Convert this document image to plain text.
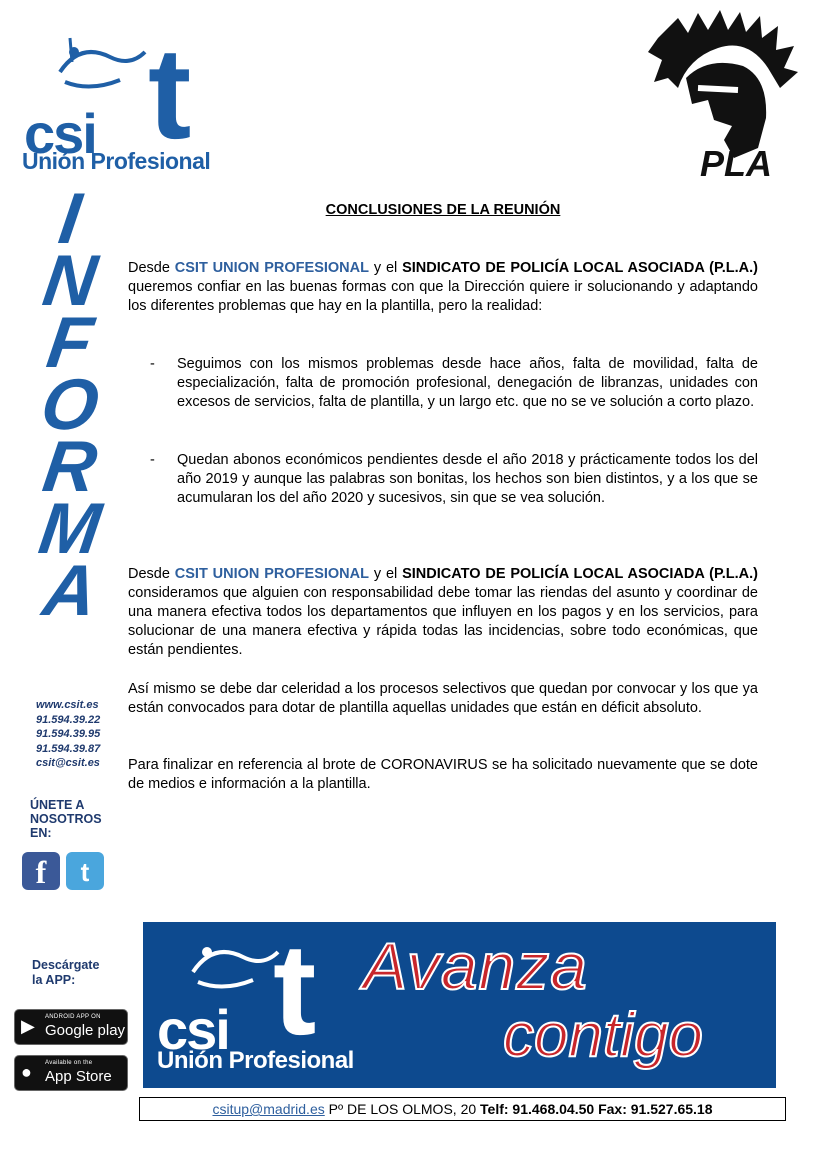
t
csi
Unión Profesional
I
N
F
O
R
M
A
www.csit.es
91.594.39.22
91.594.39.95
91.594.39.87
csit@csit.es
ÚNETE A
NOSOTROS
EN:
f t
Descárgate
la APP:
▶ ANDROID APP ON
Google play
● Available on the
App Store
PLA
CONCLUSIONES DE LA REUNIÓN
Desde CSIT UNION PROFESIONAL y el SINDICATO DE POLICÍA LOCAL ASOCIADA (P.L.A.) queremos confiar en las buenas formas con que la Dirección quiere ir solucionando y adaptando los diferentes problemas que hay en la plantilla, pero la realidad:
- Seguimos con los mismos problemas desde hace años, falta de movilidad, falta de especialización, falta de promoción profesional, denegación de libranzas, unidades con excesos de servicios, falta de plantilla, y un largo etc. que no se ve solución a corto plazo.
- Quedan abonos económicos pendientes desde el año 2018 y prácticamente todos los del año 2019 y aunque las palabras son bonitas, los hechos son bien distintos, y a los que se acumularan los del año 2020 y sucesivos, sin que se vea solución.
Desde CSIT UNION PROFESIONAL y el SINDICATO DE POLICÍA LOCAL ASOCIADA (P.L.A.) consideramos que alguien con responsabilidad debe tomar las riendas del asunto y coordinar de una manera efectiva todos los departamentos que influyen en los pagos y en los servicios, para solucionar de una manera efectiva y rápida todas las incidencias, sobre todo económicas, que están pendientes.
Así mismo se debe dar celeridad a los procesos selectivos que quedan por convocar y los que ya están convocados para dotar de plantilla aquellas unidades que están en déficit absoluto.
Para finalizar en referencia al brote de CORONAVIRUS se ha solicitado nuevamente que se dote de medios e información a la plantilla.
t
csi
Unión Profesional
Avanza
contigo
csitup@madrid.es Pº DE LOS OLMOS, 20 Telf: 91.468.04.50 Fax: 91.527.65.18
